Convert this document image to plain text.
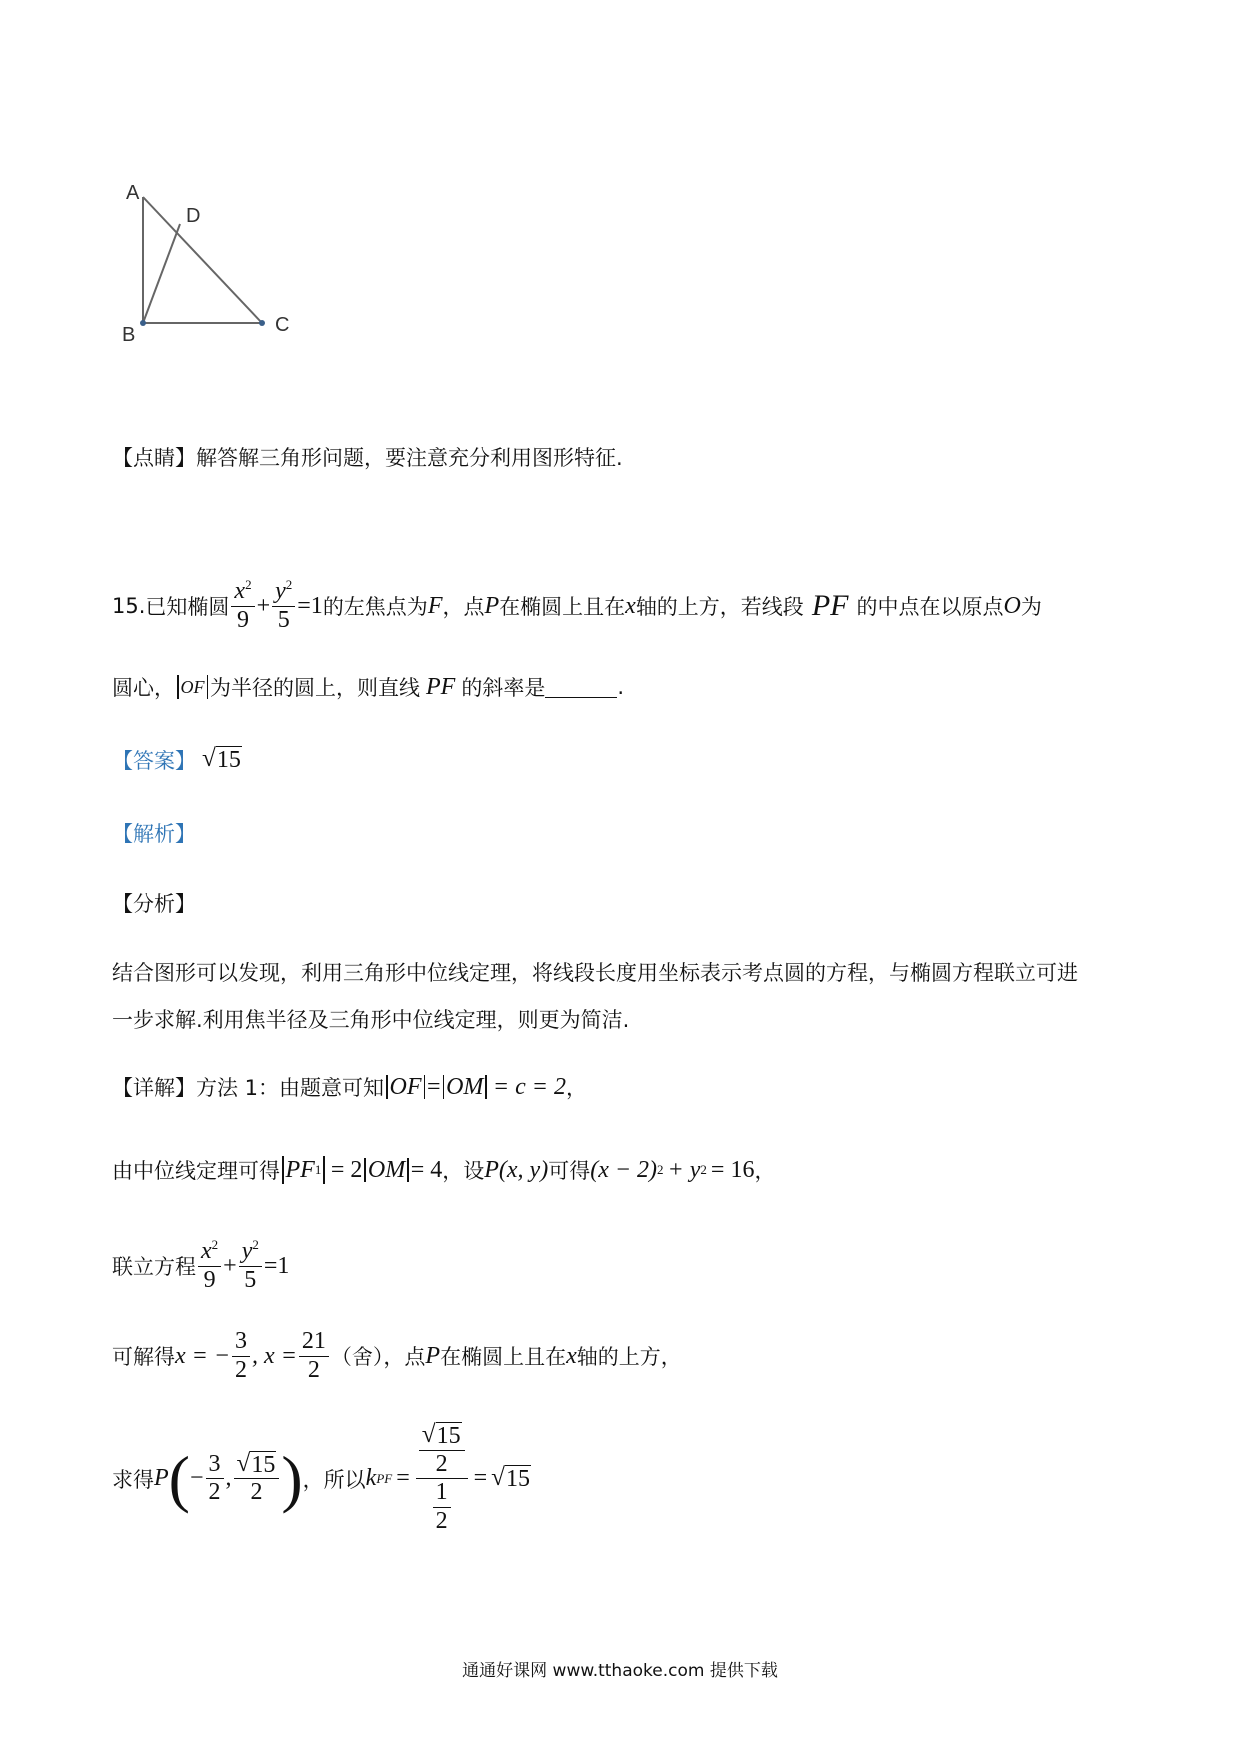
A
D
B	C
【点睛】解答解三角形问题，要注意充分利用图形特征.
15. 已知椭圆 $\frac{x^2}{9} + \frac{y^2}{5} =1$ 的左焦点为 F ，点 P 在椭圆上且在 x 轴的上方，若线段 PF 的中点在以原点 O 为
圆心， OF 为半径的圆上，则直线 PF 的斜率是	.
【答案】 √ 15
【解析】
【分析】
结合图形可以发现，利用三角形中位线定理，将线段长度用坐标表示考点圆的方程，与椭圆方程联立可进
一步求解.利用焦半径及三角形中位线定理，则更为简洁.
【详解】 方法 1：由题意可知 OF = OM = c = 2 ，
由中位线定理可得 PF 1 = 2 OM = 4 ，设 P(x, y) 可得 (x − 2) 2 + y 2 = 16 ，
联立方程 $\frac{x^2}{9} + \frac{y^2}{5} =1$
可解得 x = − $\frac{3}{2}$ , $x = \frac{21}{2}$ （舍），点 P 在椭圆上且在 x 轴的上方，
求得 P ( − $\frac{3}{2}$ , $\frac{√ 15}{2}$ ) ，所以 k PF = $\frac{\frac{√ 15}{2}}{\frac{1}{2}}$ = √ 15
通通好课网 www.tthaoke.com 提供下载
